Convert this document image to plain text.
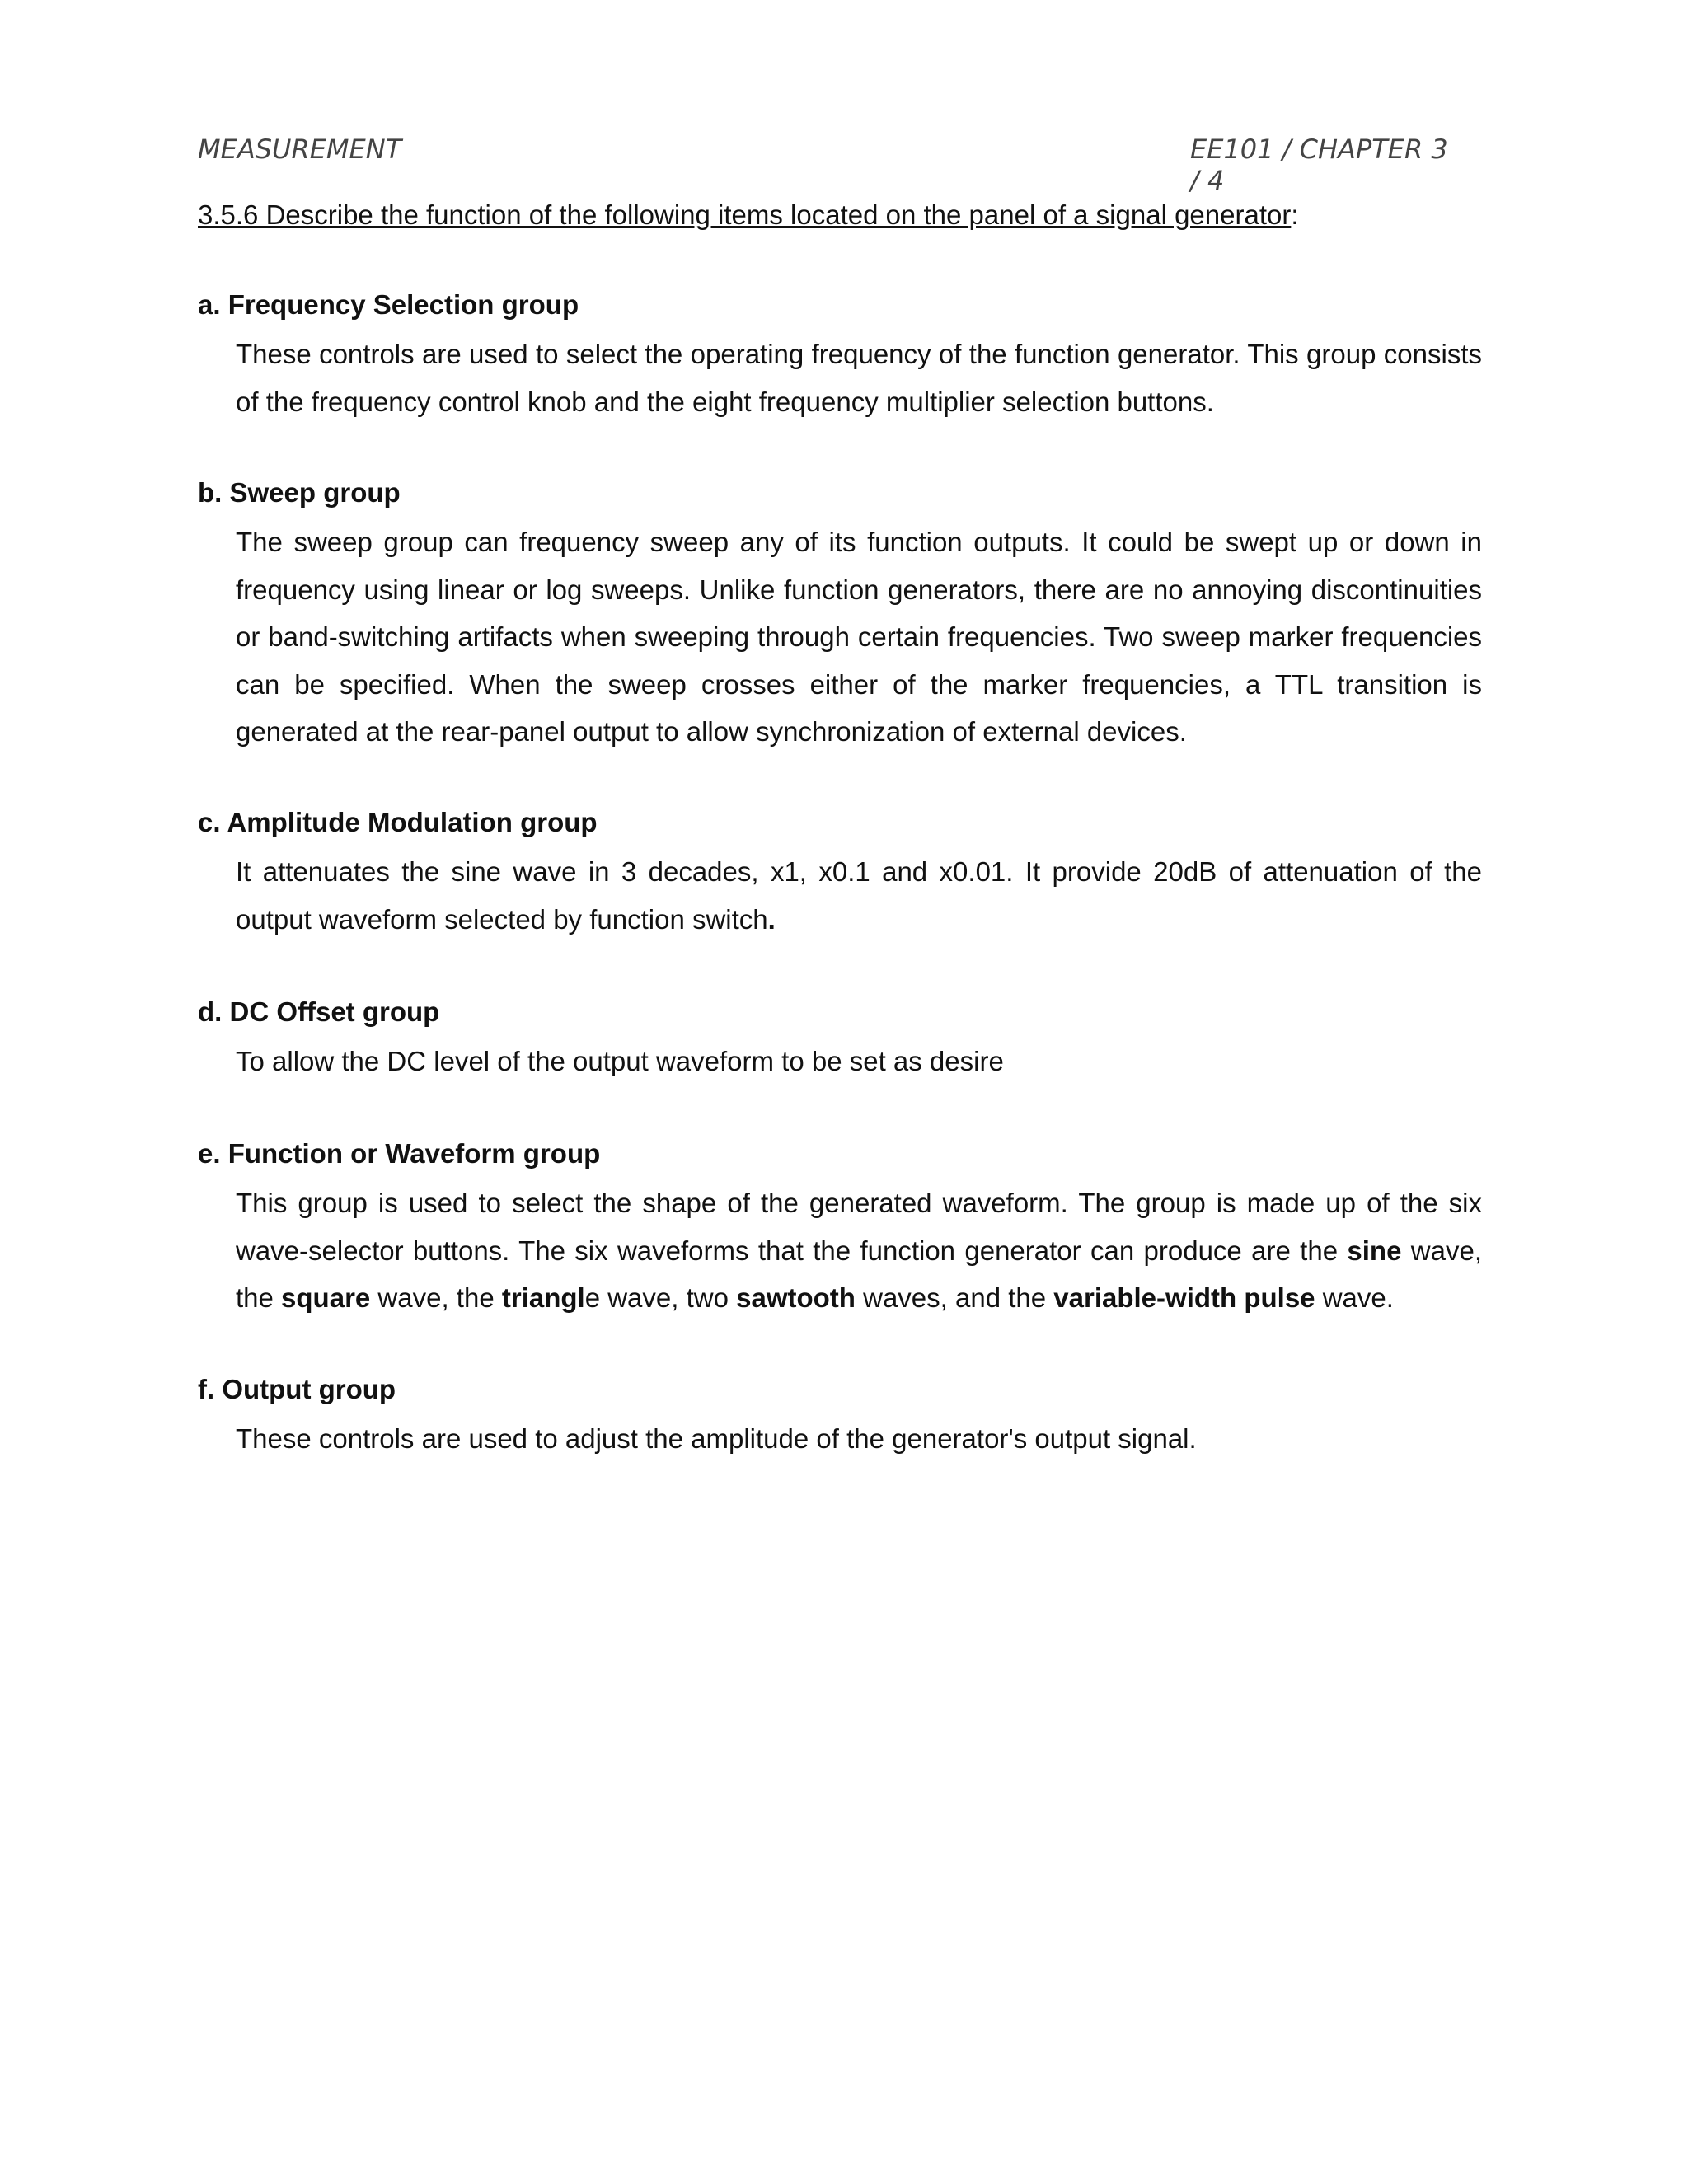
MEASUREMENT	EE101 / CHAPTER 3 / 4
3.5.6 Describe the function of the following items located on the panel of a signal generator:
a. Frequency Selection group

These controls are used to select the operating frequency of the function generator. This group consists of the frequency control knob and the eight frequency multiplier selection buttons.

b. Sweep group

The sweep group can frequency sweep any of its function outputs. It could be swept up or down in frequency using linear or log sweeps. Unlike function generators, there are no annoying discontinuities or band-switching artifacts when sweeping through certain frequencies. Two sweep marker frequencies can be specified. When the sweep crosses either of the marker frequencies, a TTL transition is generated at the rear-panel output to allow synchronization of external devices.

c. Amplitude Modulation group

It attenuates the sine wave in 3 decades, x1, x0.1 and x0.01. It provide 20dB of attenuation of the output waveform selected by function switch.

d. DC Offset group

To allow the DC level of the output waveform to be set as desire

e. Function or Waveform group

This group is used to select the shape of the generated waveform. The group is made up of the six wave-selector buttons. The six waveforms that the function generator can produce are the sine wave, the square wave, the triangle wave, two sawtooth waves, and the variable-width pulse wave.

f. Output group

These controls are used to adjust the amplitude of the generator's output signal.
